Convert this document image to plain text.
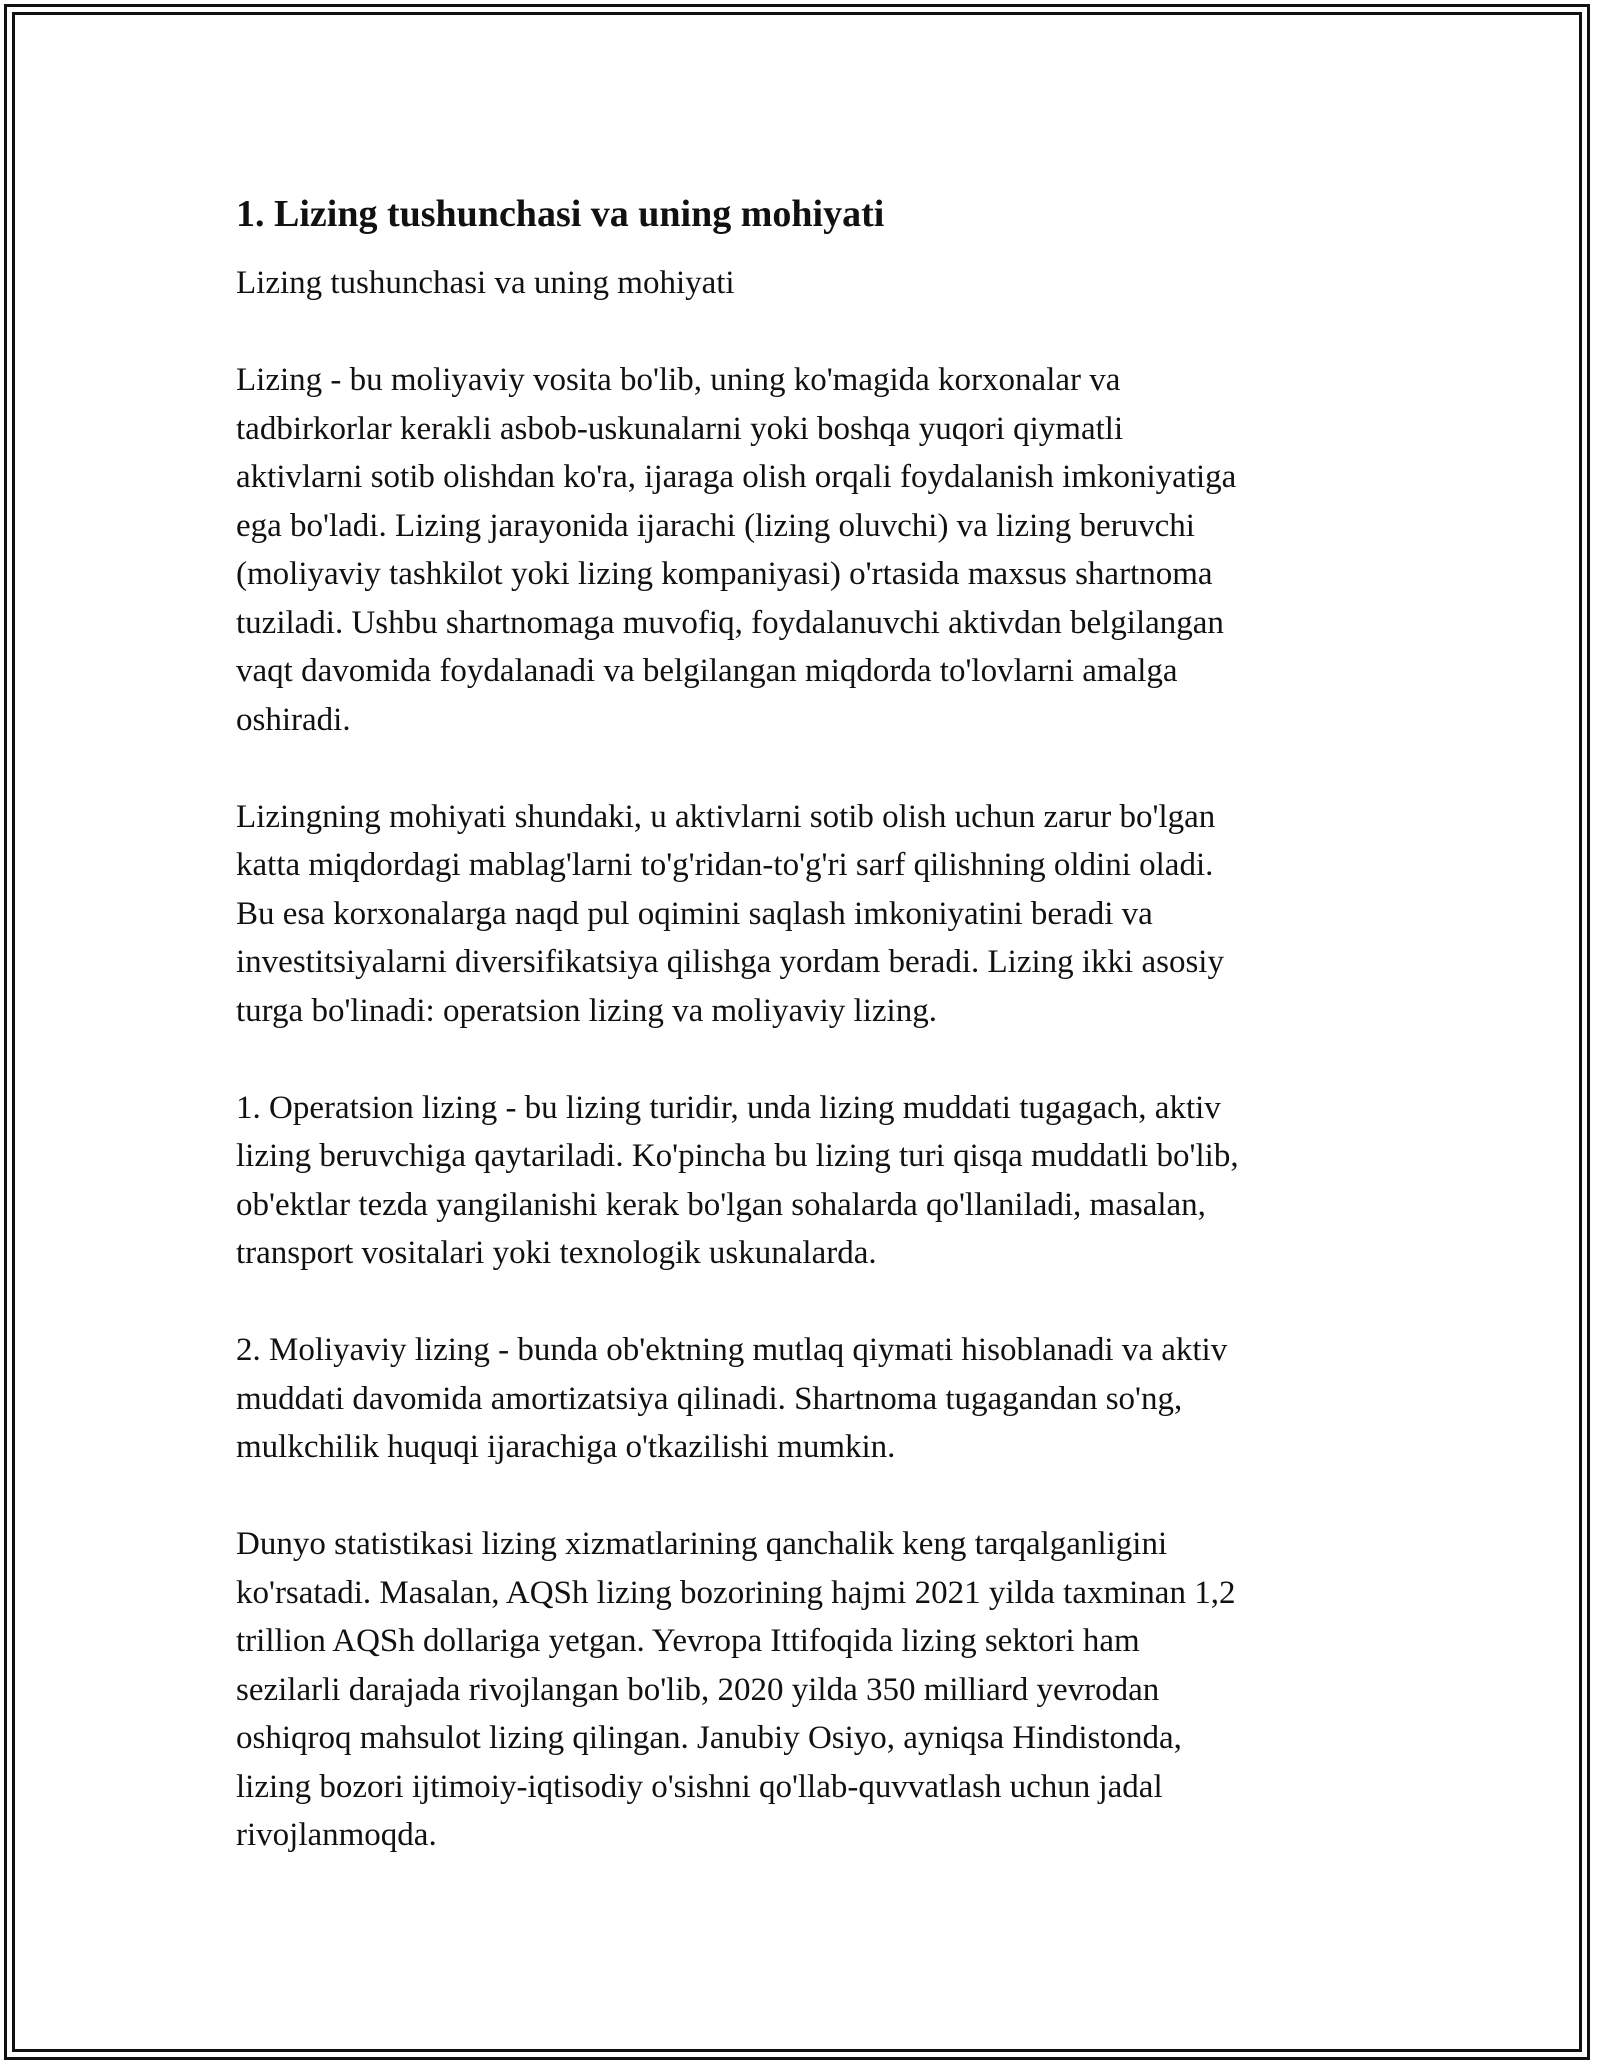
1. Lizing tushunchasi va uning mohiyati

Lizing tushunchasi va uning mohiyati

Lizing - bu moliyaviy vosita bo'lib, uning ko'magida korxonalar va
tadbirkorlar kerakli asbob-uskunalarni yoki boshqa yuqori qiymatli
aktivlarni sotib olishdan ko'ra, ijaraga olish orqali foydalanish imkoniyatiga
ega bo'ladi. Lizing jarayonida ijarachi (lizing oluvchi) va lizing beruvchi
(moliyaviy tashkilot yoki lizing kompaniyasi) o'rtasida maxsus shartnoma
tuziladi. Ushbu shartnomaga muvofiq, foydalanuvchi aktivdan belgilangan
vaqt davomida foydalanadi va belgilangan miqdorda to'lovlarni amalga
oshiradi.

Lizingning mohiyati shundaki, u aktivlarni sotib olish uchun zarur bo'lgan
katta miqdordagi mablag'larni to'g'ridan-to'g'ri sarf qilishning oldini oladi.
Bu esa korxonalarga naqd pul oqimini saqlash imkoniyatini beradi va
investitsiyalarni diversifikatsiya qilishga yordam beradi. Lizing ikki asosiy
turga bo'linadi: operatsion lizing va moliyaviy lizing.

1. Operatsion lizing - bu lizing turidir, unda lizing muddati tugagach, aktiv
lizing beruvchiga qaytariladi. Ko'pincha bu lizing turi qisqa muddatli bo'lib,
ob'ektlar tezda yangilanishi kerak bo'lgan sohalarda qo'llaniladi, masalan,
transport vositalari yoki texnologik uskunalarda.

2. Moliyaviy lizing - bunda ob'ektning mutlaq qiymati hisoblanadi va aktiv
muddati davomida amortizatsiya qilinadi. Shartnoma tugagandan so'ng,
mulkchilik huquqi ijarachiga o'tkazilishi mumkin.

Dunyo statistikasi lizing xizmatlarining qanchalik keng tarqalganligini
ko'rsatadi. Masalan, AQSh lizing bozorining hajmi 2021 yilda taxminan 1,2
trillion AQSh dollariga yetgan. Yevropa Ittifoqida lizing sektori ham
sezilarli darajada rivojlangan bo'lib, 2020 yilda 350 milliard yevrodan
oshiqroq mahsulot lizing qilingan. Janubiy Osiyo, ayniqsa Hindistonda,
lizing bozori ijtimoiy-iqtisodiy o'sishni qo'llab-quvvatlash uchun jadal
rivojlanmoqda.
